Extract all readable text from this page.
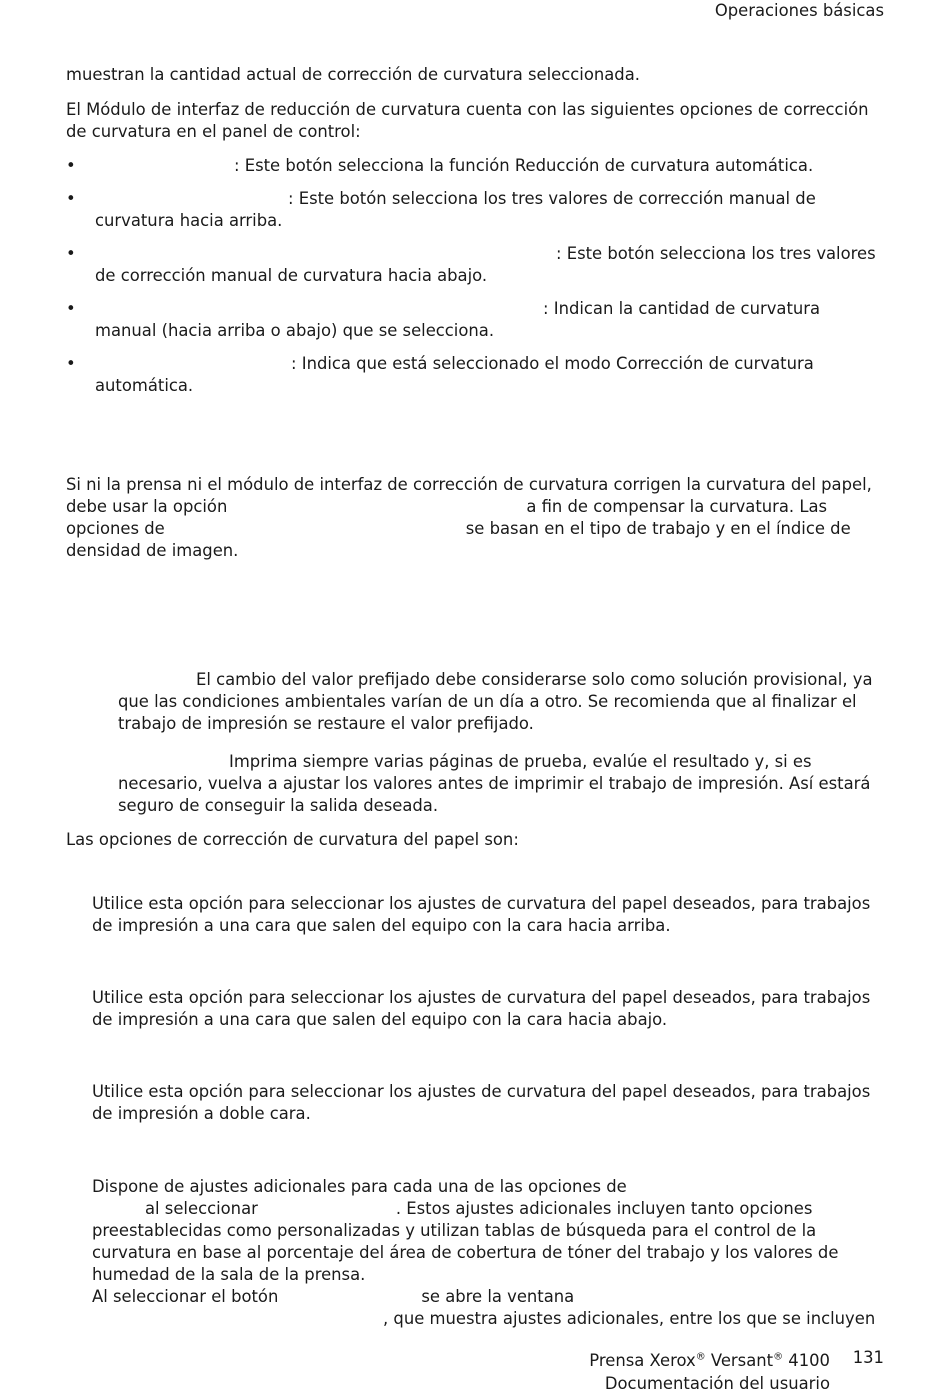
Operaciones básicas

muestran la cantidad actual de corrección de curvatura seleccionada.

El Módulo de interfaz de reducción de curvatura cuenta con las siguientes opciones de corrección de curvatura en el panel de control:

• : Este botón selecciona la función Reducción de curvatura automática.
• : Este botón selecciona los tres valores de corrección manual de
curvatura hacia arriba.
• : Este botón selecciona los tres valores
de corrección manual de curvatura hacia abajo.
• : Indican la cantidad de curvatura
manual (hacia arriba o abajo) que se selecciona.
• : Indica que está seleccionado el modo Corrección de curvatura
automática.

Si ni la prensa ni el módulo de interfaz de corrección de curvatura corrigen la curvatura del papel,
debe usar la opción	a fin de compensar la curvatura. Las
opciones de	se basan en el tipo de trabajo y en el índice de
densidad de imagen.

El cambio del valor prefijado debe considerarse solo como solución provisional, ya
que las condiciones ambientales varían de un día a otro. Se recomienda que al finalizar el
trabajo de impresión se restaure el valor prefijado.

Imprima siempre varias páginas de prueba, evalúe el resultado y, si es
necesario, vuelva a ajustar los valores antes de imprimir el trabajo de impresión. Así estará
seguro de conseguir la salida deseada.

Las opciones de corrección de curvatura del papel son:

Utilice esta opción para seleccionar los ajustes de curvatura del papel deseados, para trabajos
de impresión a una cara que salen del equipo con la cara hacia arriba.

Utilice esta opción para seleccionar los ajustes de curvatura del papel deseados, para trabajos
de impresión a una cara que salen del equipo con la cara hacia abajo.

Utilice esta opción para seleccionar los ajustes de curvatura del papel deseados, para trabajos
de impresión a doble cara.

Dispone de ajustes adicionales para cada una de las opciones de
al seleccionar	. Estos ajustes adicionales incluyen tanto opciones
preestablecidas como personalizadas y utilizan tablas de búsqueda para el control de la
curvatura en base al porcentaje del área de cobertura de tóner del trabajo y los valores de
humedad de la sala de la prensa.
Al seleccionar el botón	se abre la ventana
, que muestra ajustes adicionales, entre los que se incluyen

Prensa Xerox® Versant® 4100
Documentación del usuario
131
